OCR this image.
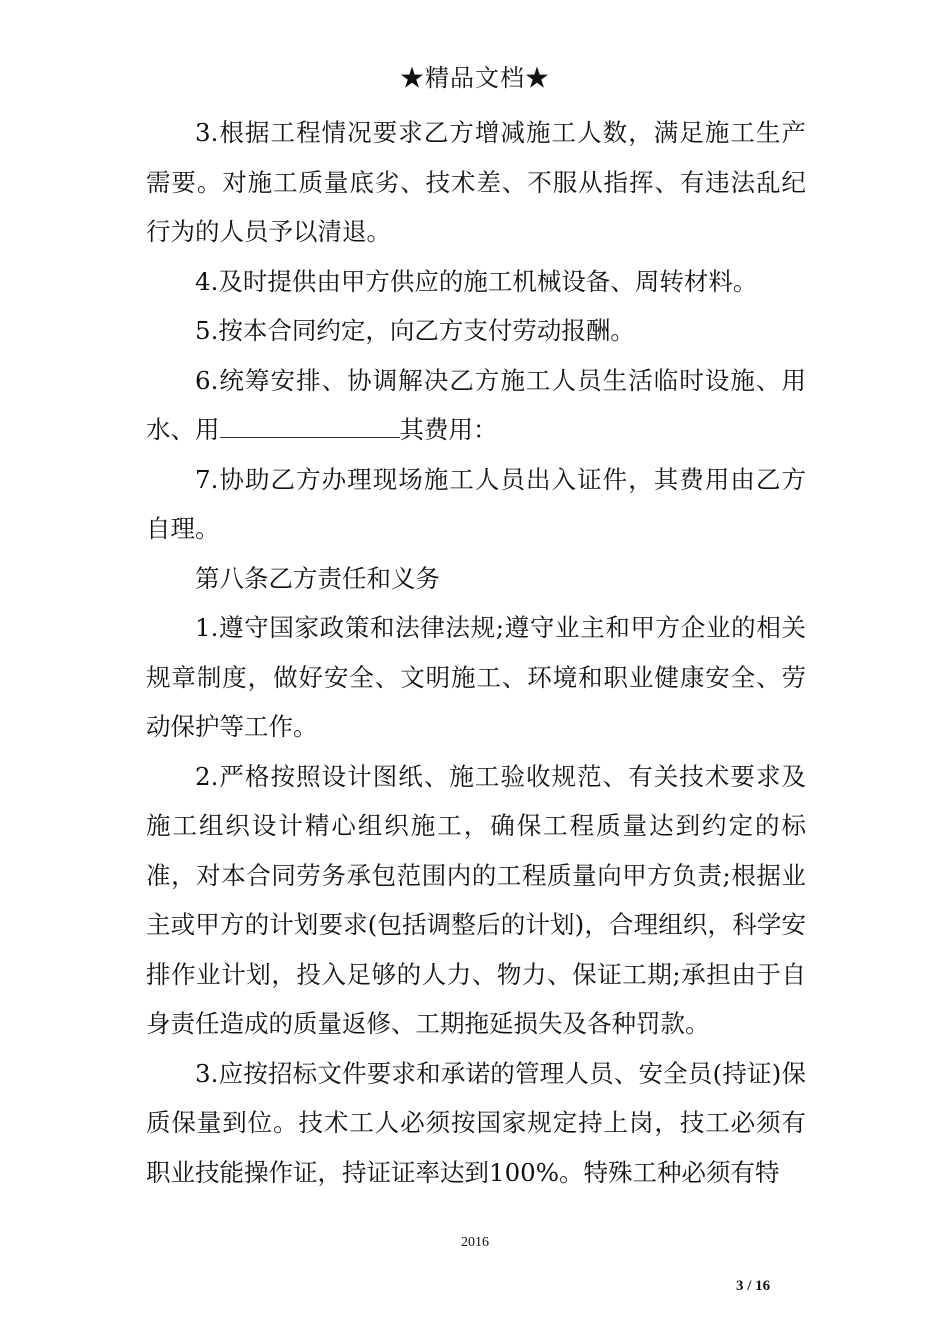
★精品文档★

3.根据工程情况要求乙方增减施工人数，满足施工生产需要。对施工质量底劣、技术差、不服从指挥、有违法乱纪行为的人员予以清退。

4.及时提供由甲方供应的施工机械设备、周转材料。

5.按本合同约定，向乙方支付劳动报酬。

6.统筹安排、协调解决乙方施工人员生活临时设施、用水、用	其费用：

7.协助乙方办理现场施工人员出入证件，其费用由乙方自理。

第八条乙方责任和义务

1.遵守国家政策和法律法规;遵守业主和甲方企业的相关规章制度，做好安全、文明施工、环境和职业健康安全、劳动保护等工作。

2.严格按照设计图纸、施工验收规范、有关技术要求及施工组织设计精心组织施工，确保工程质量达到约定的标准，对本合同劳务承包范围内的工程质量向甲方负责;根据业主或甲方的计划要求(包括调整后的计划)，合理组织，科学安排作业计划，投入足够的人力、物力、保证工期;承担由于自身责任造成的质量返修、工期拖延损失及各种罚款。

3.应按招标文件要求和承诺的管理人员、安全员(持证)保质保量到位。技术工人必须按国家规定持上岗，技工必须有职业技能操作证，持证证率达到100%。特殊工种必须有特

2016
3 / 16
